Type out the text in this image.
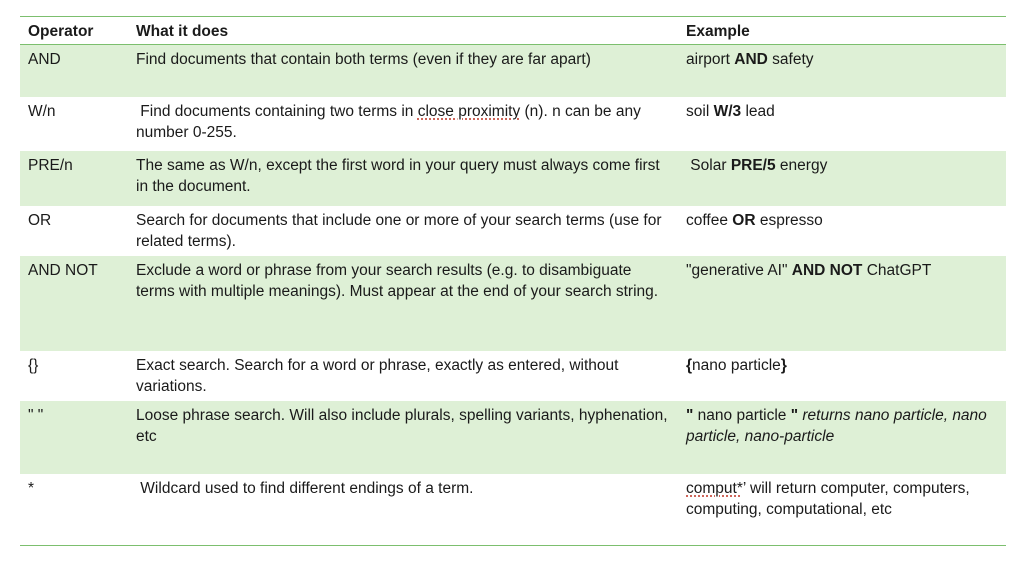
Operator	What it does	Example
AND	Find documents that contain both terms (even if they are far apart)	airport AND safety
W/n	Find documents containing two terms in close proximity (n). n can be any number 0-255.	soil W/3 lead
PRE/n	The same as W/n, except the first word in your query must always come first in the document.	Solar PRE/5 energy
OR	Search for documents that include one or more of your search terms (use for related terms).	coffee OR espresso
AND NOT	Exclude a word or phrase from your search results (e.g. to disambiguate terms with multiple meanings). Must appear at the end of your search string.	"generative AI" AND NOT ChatGPT
{}	Exact search. Search for a word or phrase, exactly as entered, without variations.	{nano particle}
" "	Loose phrase search. Will also include plurals, spelling variants, hyphenation, etc	" nano particle " returns nano particle, nano particle, nano-particle
*	Wildcard used to find different endings of a term.	comput*’ will return computer, computers, computing, computational, etc
